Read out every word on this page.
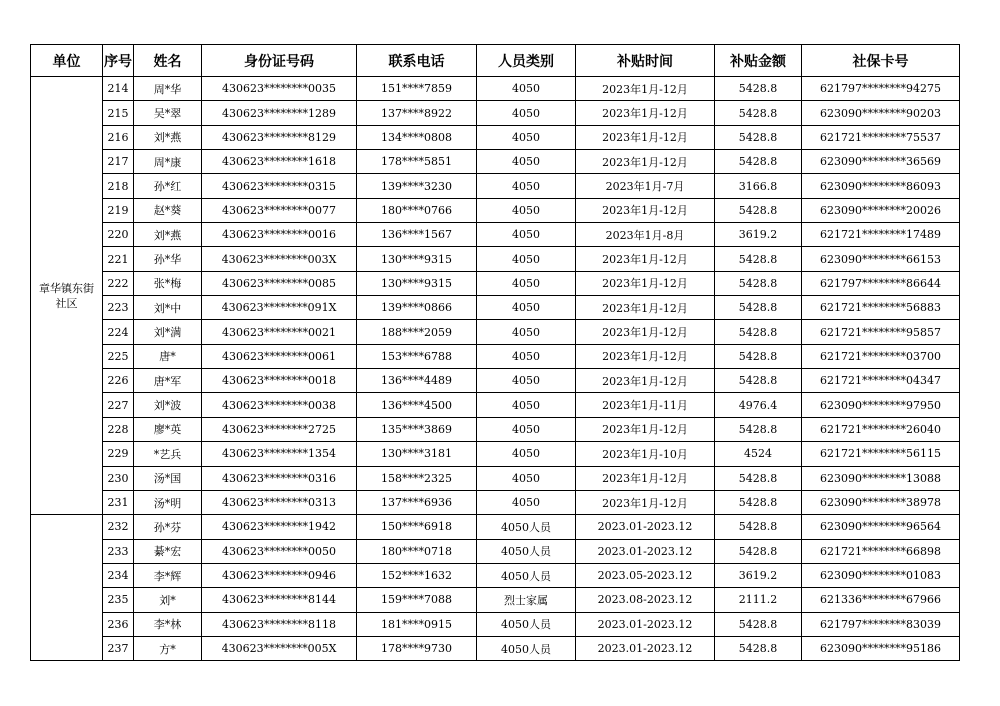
单位	序号	姓名	身份证号码	联系电话	人员类别	补贴时间	补贴金额	社保卡号
章华镇东街社区	214	周*华	430623********0035	151****7859	4050	2023年1月-12月	5428.8	621797********94275
	215	吴*翠	430623********1289	137****8922	4050	2023年1月-12月	5428.8	623090********90203
	216	刘*燕	430623********8129	134****0808	4050	2023年1月-12月	5428.8	621721********75537
	217	周*康	430623********1618	178****5851	4050	2023年1月-12月	5428.8	623090********36569
	218	孙*红	430623********0315	139****3230	4050	2023年1月-7月	3166.8	623090********86093
	219	赵*葵	430623********0077	180****0766	4050	2023年1月-12月	5428.8	623090********20026
	220	刘*燕	430623********0016	136****1567	4050	2023年1月-8月	3619.2	621721********17489
	221	孙*华	430623********003X	130****9315	4050	2023年1月-12月	5428.8	623090********66153
	222	张*梅	430623********0085	130****9315	4050	2023年1月-12月	5428.8	621797********86644
	223	刘*中	430623********091X	139****0866	4050	2023年1月-12月	5428.8	621721********56883
	224	刘*满	430623********0021	188****2059	4050	2023年1月-12月	5428.8	621721********95857
	225	唐*	430623********0061	153****6788	4050	2023年1月-12月	5428.8	621721********03700
	226	唐*军	430623********0018	136****4489	4050	2023年1月-12月	5428.8	621721********04347
	227	刘*波	430623********0038	136****4500	4050	2023年1月-11月	4976.4	623090********97950
	228	廖*英	430623********2725	135****3869	4050	2023年1月-12月	5428.8	621721********26040
	229	*艺兵	430623********1354	130****3181	4050	2023年1月-10月	4524	621721********56115
	230	汤*国	430623********0316	158****2325	4050	2023年1月-12月	5428.8	623090********13088
	231	汤*明	430623********0313	137****6936	4050	2023年1月-12月	5428.8	623090********38978
	232	孙*芬	430623********1942	150****6918	4050人员	2023.01-2023.12	5428.8	623090********96564
	233	綦*宏	430623********0050	180****0718	4050人员	2023.01-2023.12	5428.8	621721********66898
	234	李*辉	430623********0946	152****1632	4050人员	2023.05-2023.12	3619.2	623090********01083
	235	刘*	430623********8144	159****7088	烈士家属	2023.08-2023.12	2111.2	621336********67966
	236	李*林	430623********8118	181****0915	4050人员	2023.01-2023.12	5428.8	621797********83039
	237	方*	430623********005X	178****9730	4050人员	2023.01-2023.12	5428.8	623090********95186
